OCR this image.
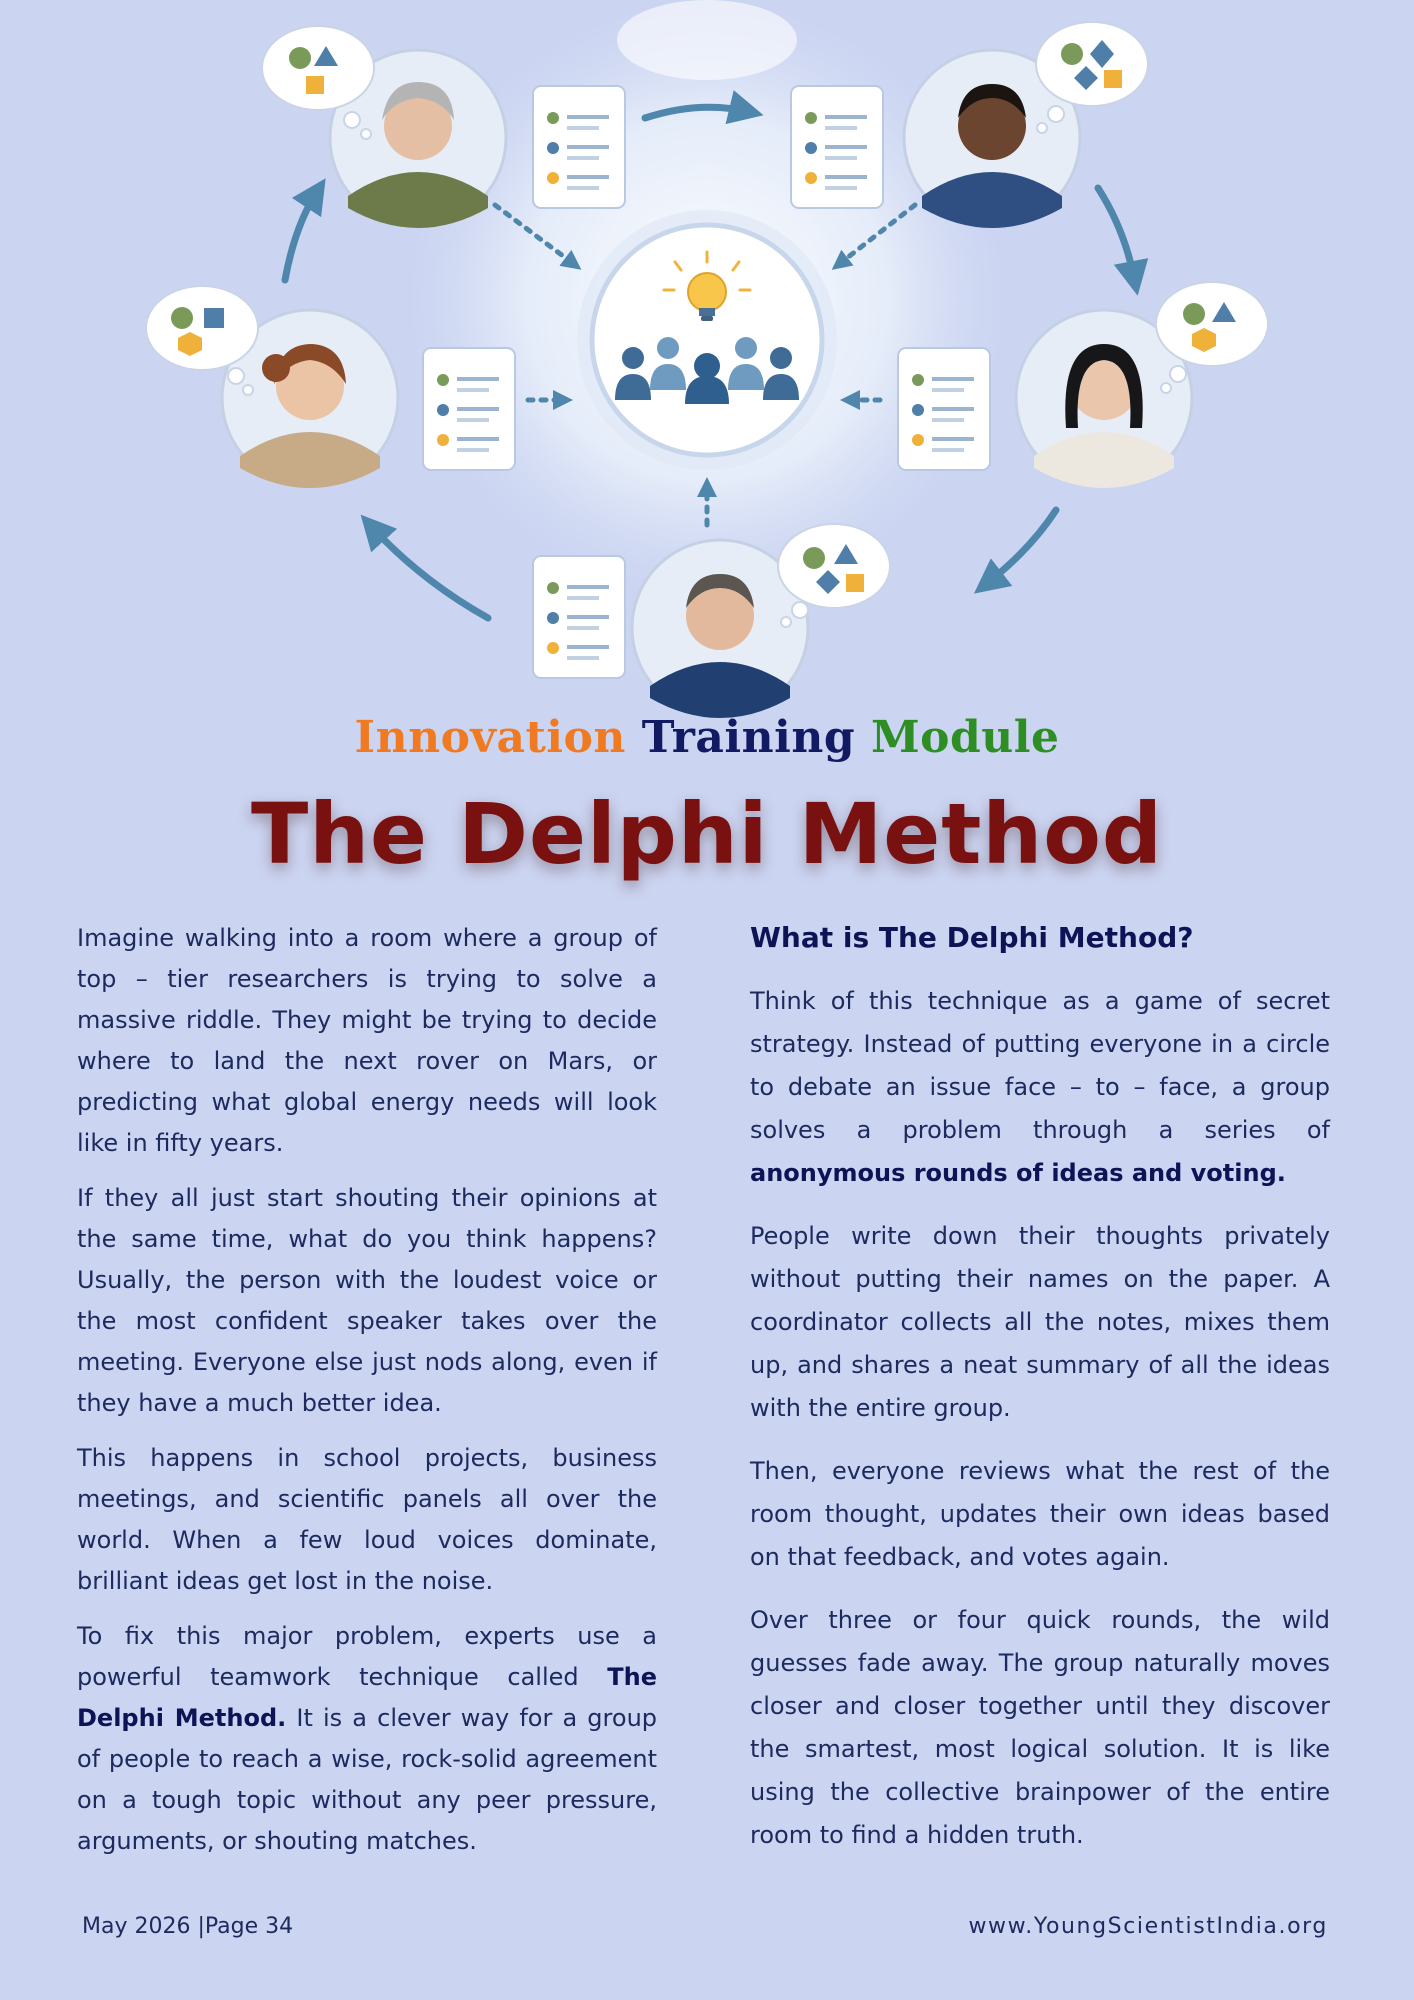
Innovation Training Module
The Delphi Method

Imagine walking into a room where a group of top – tier researchers is trying to solve a massive riddle. They might be trying to decide where to land the next rover on Mars, or predicting what global energy needs will look like in fifty years.

If they all just start shouting their opinions at the same time, what do you think happens? Usually, the person with the loudest voice or the most confident speaker takes over the meeting. Everyone else just nods along, even if they have a much better idea.

This happens in school projects, business meetings, and scientific panels all over the world. When a few loud voices dominate, brilliant ideas get lost in the noise.

To fix this major problem, experts use a powerful teamwork technique called The Delphi Method. It is a clever way for a group of people to reach a wise, rock-solid agreement on a tough topic without any peer pressure, arguments, or shouting matches.

What is The Delphi Method?

Think of this technique as a game of secret strategy. Instead of putting everyone in a circle to debate an issue face – to – face, a group solves a problem through a series of anonymous rounds of ideas and voting.

People write down their thoughts privately without putting their names on the paper. A coordinator collects all the notes, mixes them up, and shares a neat summary of all the ideas with the entire group.

Then, everyone reviews what the rest of the room thought, updates their own ideas based on that feedback, and votes again.

Over three or four quick rounds, the wild guesses fade away. The group naturally moves closer and closer together until they discover the smartest, most logical solution. It is like using the collective brainpower of the entire room to find a hidden truth.

May 2026 |Page 34	www.YoungScientistIndia.org
